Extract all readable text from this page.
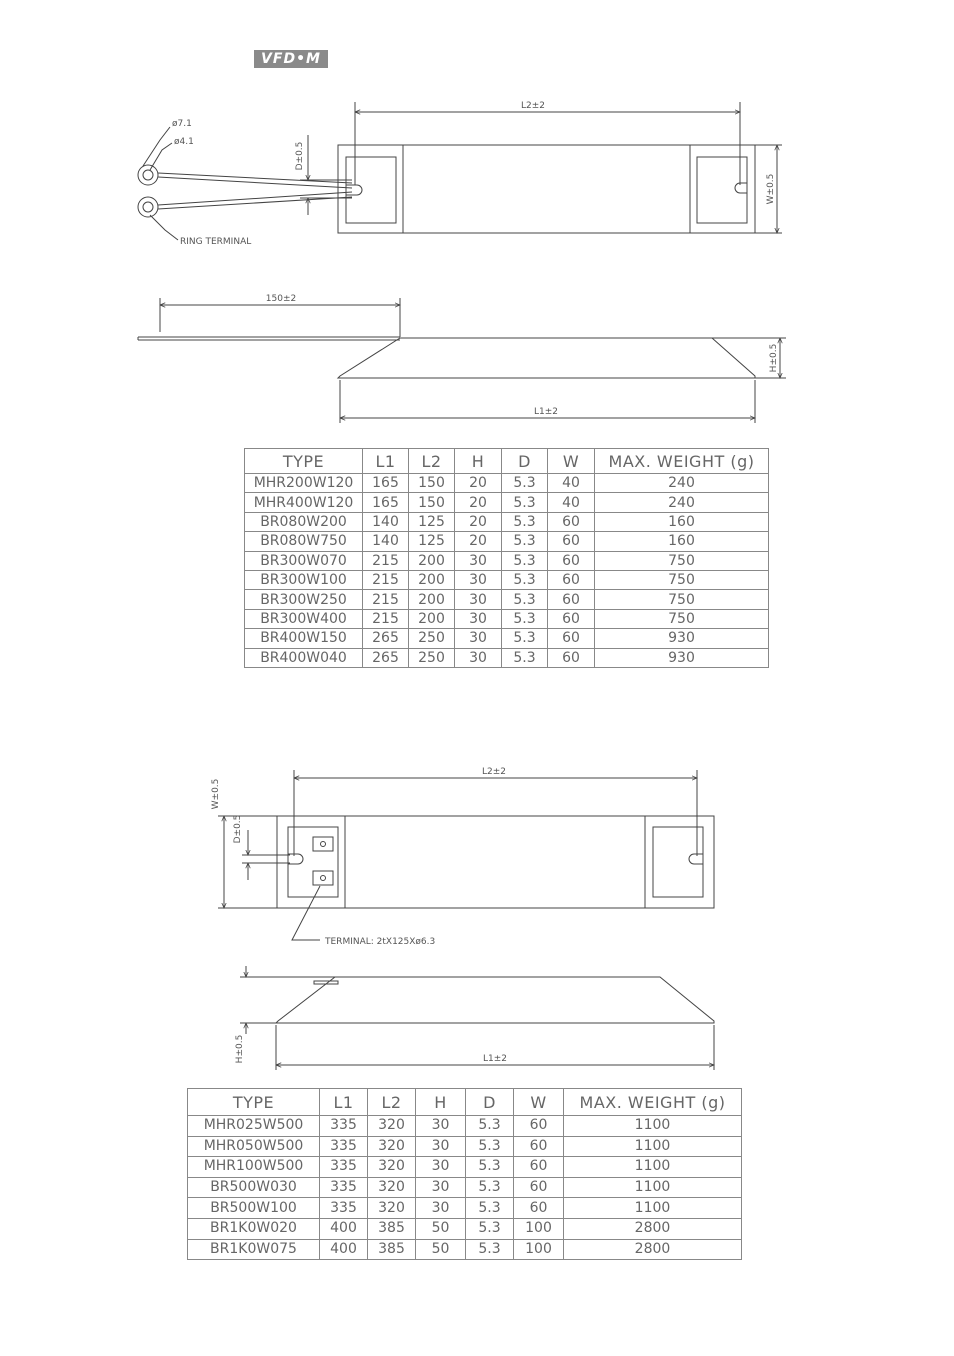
VFD•M
L2±2
D±0.5
W±0.5
ø7.1
ø4.1
RING TERMINAL
150±2
H±0.5
L1±2
L2±2
W±0.5
D±0.5
TERMINAL: 2tX125Xø6.3
H±0.5	L1±2
TYPE	L1	L2	H	D	W	MAX. WEIGHT (g)
MHR200W120	165	150	20	5.3	40	240
MHR400W120	165	150	20	5.3	40	240
BR080W200	140	125	20	5.3	60	160
BR080W750	140	125	20	5.3	60	160
BR300W070	215	200	30	5.3	60	750
BR300W100	215	200	30	5.3	60	750
BR300W250	215	200	30	5.3	60	750
BR300W400	215	200	30	5.3	60	750
BR400W150	265	250	30	5.3	60	930
BR400W040	265	250	30	5.3	60	930
TYPE	L1	L2	H	D	W	MAX. WEIGHT (g)
MHR025W500	335	320	30	5.3	60	1100
MHR050W500	335	320	30	5.3	60	1100
MHR100W500	335	320	30	5.3	60	1100
BR500W030	335	320	30	5.3	60	1100
BR500W100	335	320	30	5.3	60	1100
BR1K0W020	400	385	50	5.3	100	2800
BR1K0W075	400	385	50	5.3	100	2800
